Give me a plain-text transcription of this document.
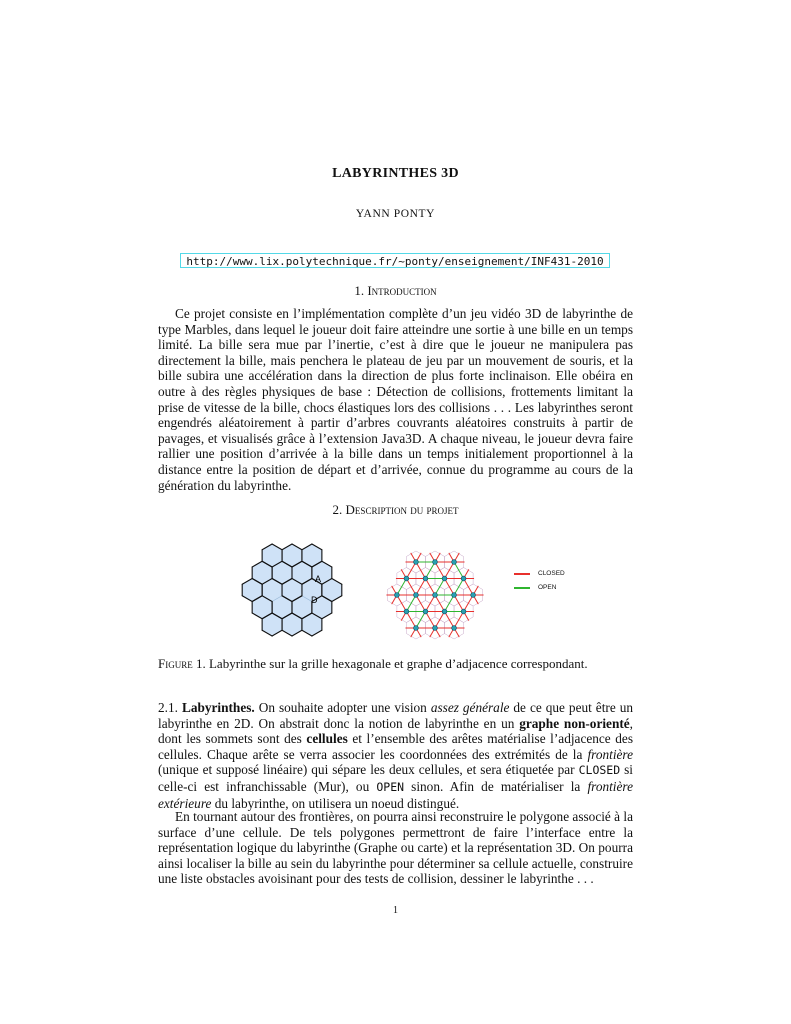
LABYRINTHES 3D
YANN PONTY
http://www.lix.polytechnique.fr/~ponty/enseignement/INF431-2010
1. Introduction

Ce projet consiste en l’implémentation complète d’un jeu vidéo 3D de labyrinthe de type Marbles, dans lequel le joueur doit faire atteindre une sortie à une bille en un temps limité. La bille sera mue par l’inertie, c’est à dire que le joueur ne manipulera pas directement la bille, mais penchera le plateau de jeu par un mouvement de souris, et la bille subira une accélération dans la direction de plus forte inclinaison. Elle obéira en outre à des règles physiques de base : Détection de collisions, frottements limitant la prise de vitesse de la bille, chocs élastiques lors des collisions . . . Les labyrinthes seront engendrés aléatoirement à partir d’arbres couvrants aléatoires construits à partir de pavages, et visualisés grâce à l’extension Java3D. A chaque niveau, le joueur devra faire rallier une position d’arrivée à la bille dans un temps initialement proportionnel à la distance entre la position de départ et d’arrivée, connue du programme au cours de la génération du labyrinthe.

2. Description du projet
A
D
CLOSED
OPEN
Figure 1. Labyrinthe sur la grille hexagonale et graphe d’adjacence correspondant.

2.1. Labyrinthes. On souhaite adopter une vision assez générale de ce que peut être un labyrinthe en 2D. On abstrait donc la notion de labyrinthe en un graphe non-orienté, dont les sommets sont des cellules et l’ensemble des arêtes matérialise l’adjacence des cellules. Chaque arête se verra associer les coordonnées des extrémités de la frontière (unique et supposé linéaire) qui sépare les deux cellules, et sera étiquetée par CLOSED si celle-ci est infranchissable (Mur), ou OPEN sinon. Afin de matérialiser la frontière extérieure du labyrinthe, on utilisera un noeud distingué.

En tournant autour des frontières, on pourra ainsi reconstruire le polygone associé à la surface d’une cellule. De tels polygones permettront de faire l’interface entre la représentation logique du labyrinthe (Graphe ou carte) et la représentation 3D. On pourra ainsi localiser la bille au sein du labyrinthe pour déterminer sa cellule actuelle, construire une liste obstacles avoisinant pour des tests de collision, dessiner le labyrinthe . . .

1
